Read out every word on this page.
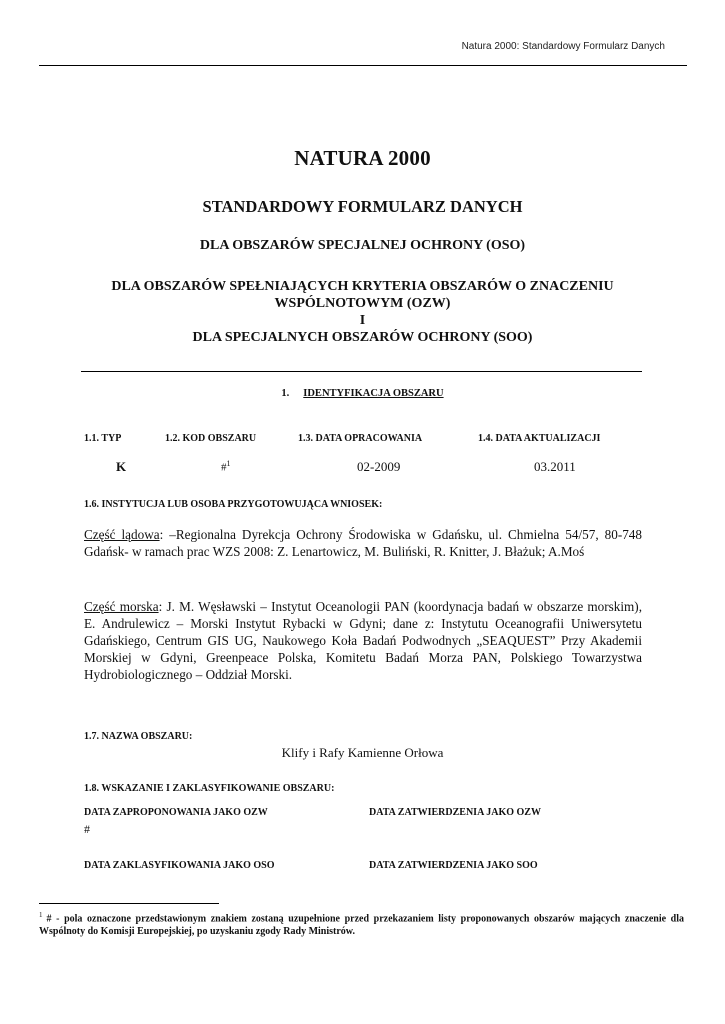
Natura 2000: Standardowy Formularz Danych
NATURA 2000
STANDARDOWY FORMULARZ DANYCH
DLA OBSZARÓW SPECJALNEJ OCHRONY (OSO)
DLA OBSZARÓW SPEŁNIAJĄCYCH KRYTERIA OBSZARÓW O ZNACZENIU
WSPÓLNOTOWYM (OZW)
I
DLA SPECJALNYCH OBSZARÓW OCHRONY (SOO)
1. IDENTYFIKACJA OBSZARU
1.1. TYP	1.2. KOD OBSZARU	1.3. DATA OPRACOWANIA	1.4. DATA AKTUALIZACJI
K	#$^1$	02-2009	03.2011
1.6. INSTYTUCJA LUB OSOBA PRZYGOTOWUJĄCA WNIOSEK:

Część lądowa: –Regionalna Dyrekcja Ochrony Środowiska w Gdańsku, ul. Chmielna 54/57, 80-748 Gdańsk- w ramach prac WZS 2008: Z. Lenartowicz, M. Buliński, R. Knitter, J. Błażuk; A.Moś

Część morska: J. M. Węsławski – Instytut Oceanologii PAN (koordynacja badań w obszarze morskim), E. Andrulewicz – Morski Instytut Rybacki w Gdyni; dane z: Instytutu Oceanografii Uniwersytetu Gdańskiego, Centrum GIS UG, Naukowego Koła Badań Podwodnych „SEAQUEST” Przy Akademii Morskiej w Gdyni, Greenpeace Polska, Komitetu Badań Morza PAN, Polskiego Towarzystwa Hydrobiologicznego – Oddział Morski.

1.7. NAZWA OBSZARU:
Klify i Rafy Kamienne Orłowa
1.8. WSKAZANIE I ZAKLASYFIKOWANIE OBSZARU:
DATA ZAPROPONOWANIA JAKO OZW	DATA ZATWIERDZENIA JAKO OZW
#
DATA ZAKLASYFIKOWANIA JAKO OSO	DATA ZATWIERDZENIA JAKO SOO

$^1$ # - pola oznaczone przedstawionym znakiem zostaną uzupełnione przed przekazaniem listy proponowanych obszarów mających znaczenie dla Wspólnoty do Komisji Europejskiej, po uzyskaniu zgody Rady Ministrów.
